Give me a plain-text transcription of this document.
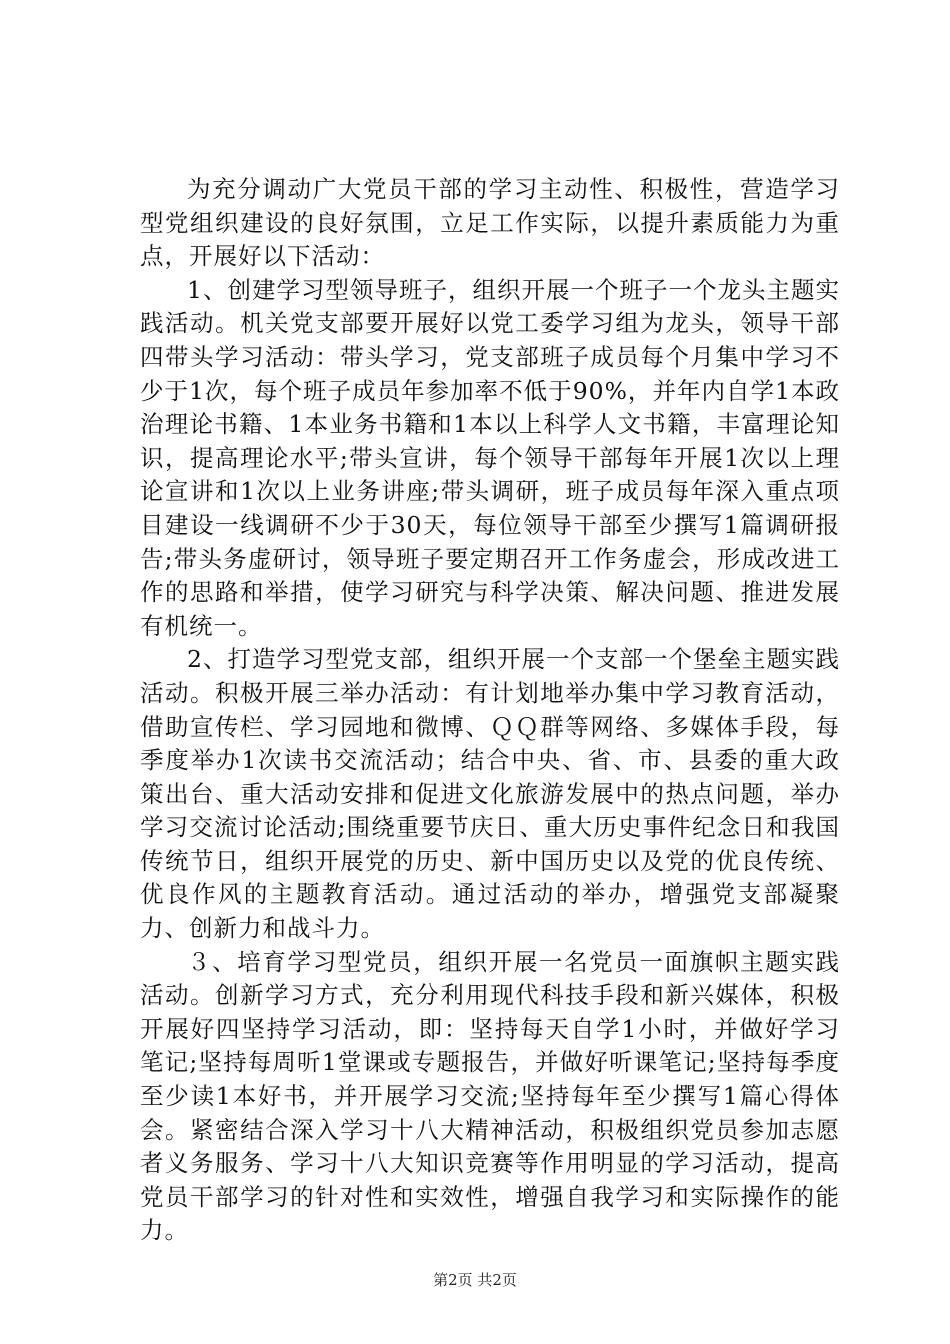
为充分调动广大党员干部的学习主动性、积极性，营造学习型党组织建设的良好氛围，立足工作实际，以提升素质能力为重点，开展好以下活动：

1、创建学习型领导班子，组织开展一个班子一个龙头主题实践活动。机关党支部要开展好以党工委学习组为龙头，领导干部四带头学习活动：带头学习，党支部班子成员每个月集中学习不少于1次，每个班子成员年参加率不低于90%，并年内自学1本政治理论书籍、1本业务书籍和1本以上科学人文书籍，丰富理论知识，提高理论水平;带头宣讲，每个领导干部每年开展1次以上理论宣讲和1次以上业务讲座;带头调研，班子成员每年深入重点项目建设一线调研不少于30天，每位领导干部至少撰写1篇调研报告;带头务虚研讨，领导班子要定期召开工作务虚会，形成改进工作的思路和举措，使学习研究与科学决策、解决问题、推进发展有机统一。

2、打造学习型党支部，组织开展一个支部一个堡垒主题实践活动。积极开展三举办活动：有计划地举办集中学习教育活动，借助宣传栏、学习园地和微博、ＱＱ群等网络、多媒体手段，每季度举办1次读书交流活动；结合中央、省、市、县委的重大政策出台、重大活动安排和促进文化旅游发展中的热点问题，举办学习交流讨论活动;围绕重要节庆日、重大历史事件纪念日和我国传统节日，组织开展党的历史、新中国历史以及党的优良传统、优良作风的主题教育活动。通过活动的举办，增强党支部凝聚力、创新力和战斗力。

３、培育学习型党员，组织开展一名党员一面旗帜主题实践活动。创新学习方式，充分利用现代科技手段和新兴媒体，积极开展好四坚持学习活动，即：坚持每天自学1小时，并做好学习笔记;坚持每周听1堂课或专题报告，并做好听课笔记;坚持每季度至少读1本好书，并开展学习交流;坚持每年至少撰写1篇心得体会。紧密结合深入学习十八大精神活动，积极组织党员参加志愿者义务服务、学习十八大知识竞赛等作用明显的学习活动，提高党员干部学习的针对性和实效性，增强自我学习和实际操作的能力。

第2页 共2页
